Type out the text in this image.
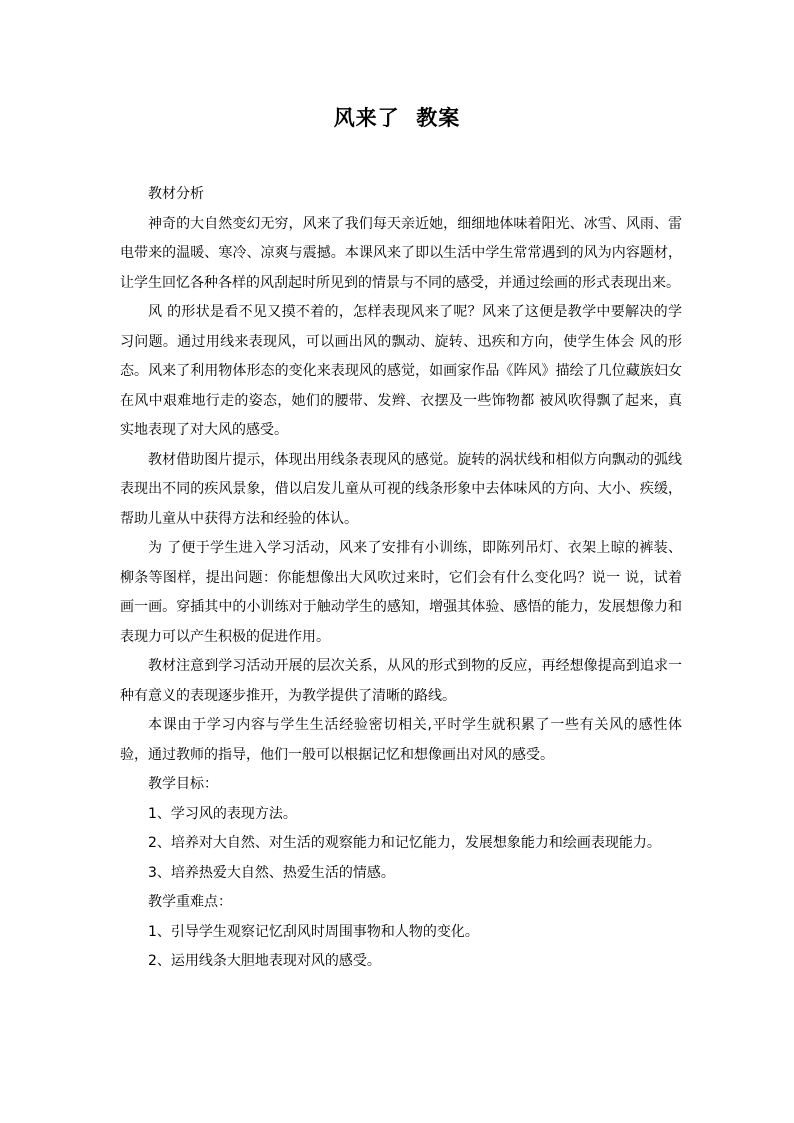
风来了  教案

教材分析

神奇的大自然变幻无穷，风来了我们每天亲近她，细细地体味着阳光、冰雪、风雨、雷电带来的温暖、寒冷、凉爽与震撼。本课风来了即以生活中学生常常遇到的风为内容题材，让学生回忆各种各样的风刮起时所见到的情景与不同的感受，并通过绘画的形式表现出来。

风 的形状是看不见又摸不着的，怎样表现风来了呢？风来了这便是教学中要解决的学习问题。通过用线来表现风，可以画出风的飘动、旋转、迅疾和方向，使学生体会 风的形态。风来了利用物体形态的变化来表现风的感觉，如画家作品《阵风》描绘了几位藏族妇女在风中艰难地行走的姿态，她们的腰带、发辫、衣摆及一些饰物都 被风吹得飘了起来，真实地表现了对大风的感受。

教材借助图片提示，体现出用线条表现风的感觉。旋转的涡状线和相似方向飘动的弧线表现出不同的疾风景象，借以启发儿童从可视的线条形象中去体味风的方向、大小、疾缓，帮助儿童从中获得方法和经验的体认。

为 了便于学生进入学习活动，风来了安排有小训练，即陈列吊灯、衣架上晾的裤装、柳条等图样，提出问题：你能想像出大风吹过来时，它们会有什么变化吗？说一 说，试着画一画。穿插其中的小训练对于触动学生的感知，增强其体验、感悟的能力，发展想像力和表现力可以产生积极的促进作用。

教材注意到学习活动开展的层次关系，从风的形式到物的反应，再经想像提高到追求一种有意义的表现逐步推开，为教学提供了清晰的路线。

本课由于学习内容与学生生活经验密切相关,平时学生就积累了一些有关风的感性体验，通过教师的指导，他们一般可以根据记忆和想像画出对风的感受。

教学目标：

1、学习风的表现方法。

2、培养对大自然、对生活的观察能力和记忆能力，发展想象能力和绘画表现能力。

3、培养热爱大自然、热爱生活的情感。

教学重难点：

1、引导学生观察记忆刮风时周围事物和人物的变化。

2、运用线条大胆地表现对风的感受。
